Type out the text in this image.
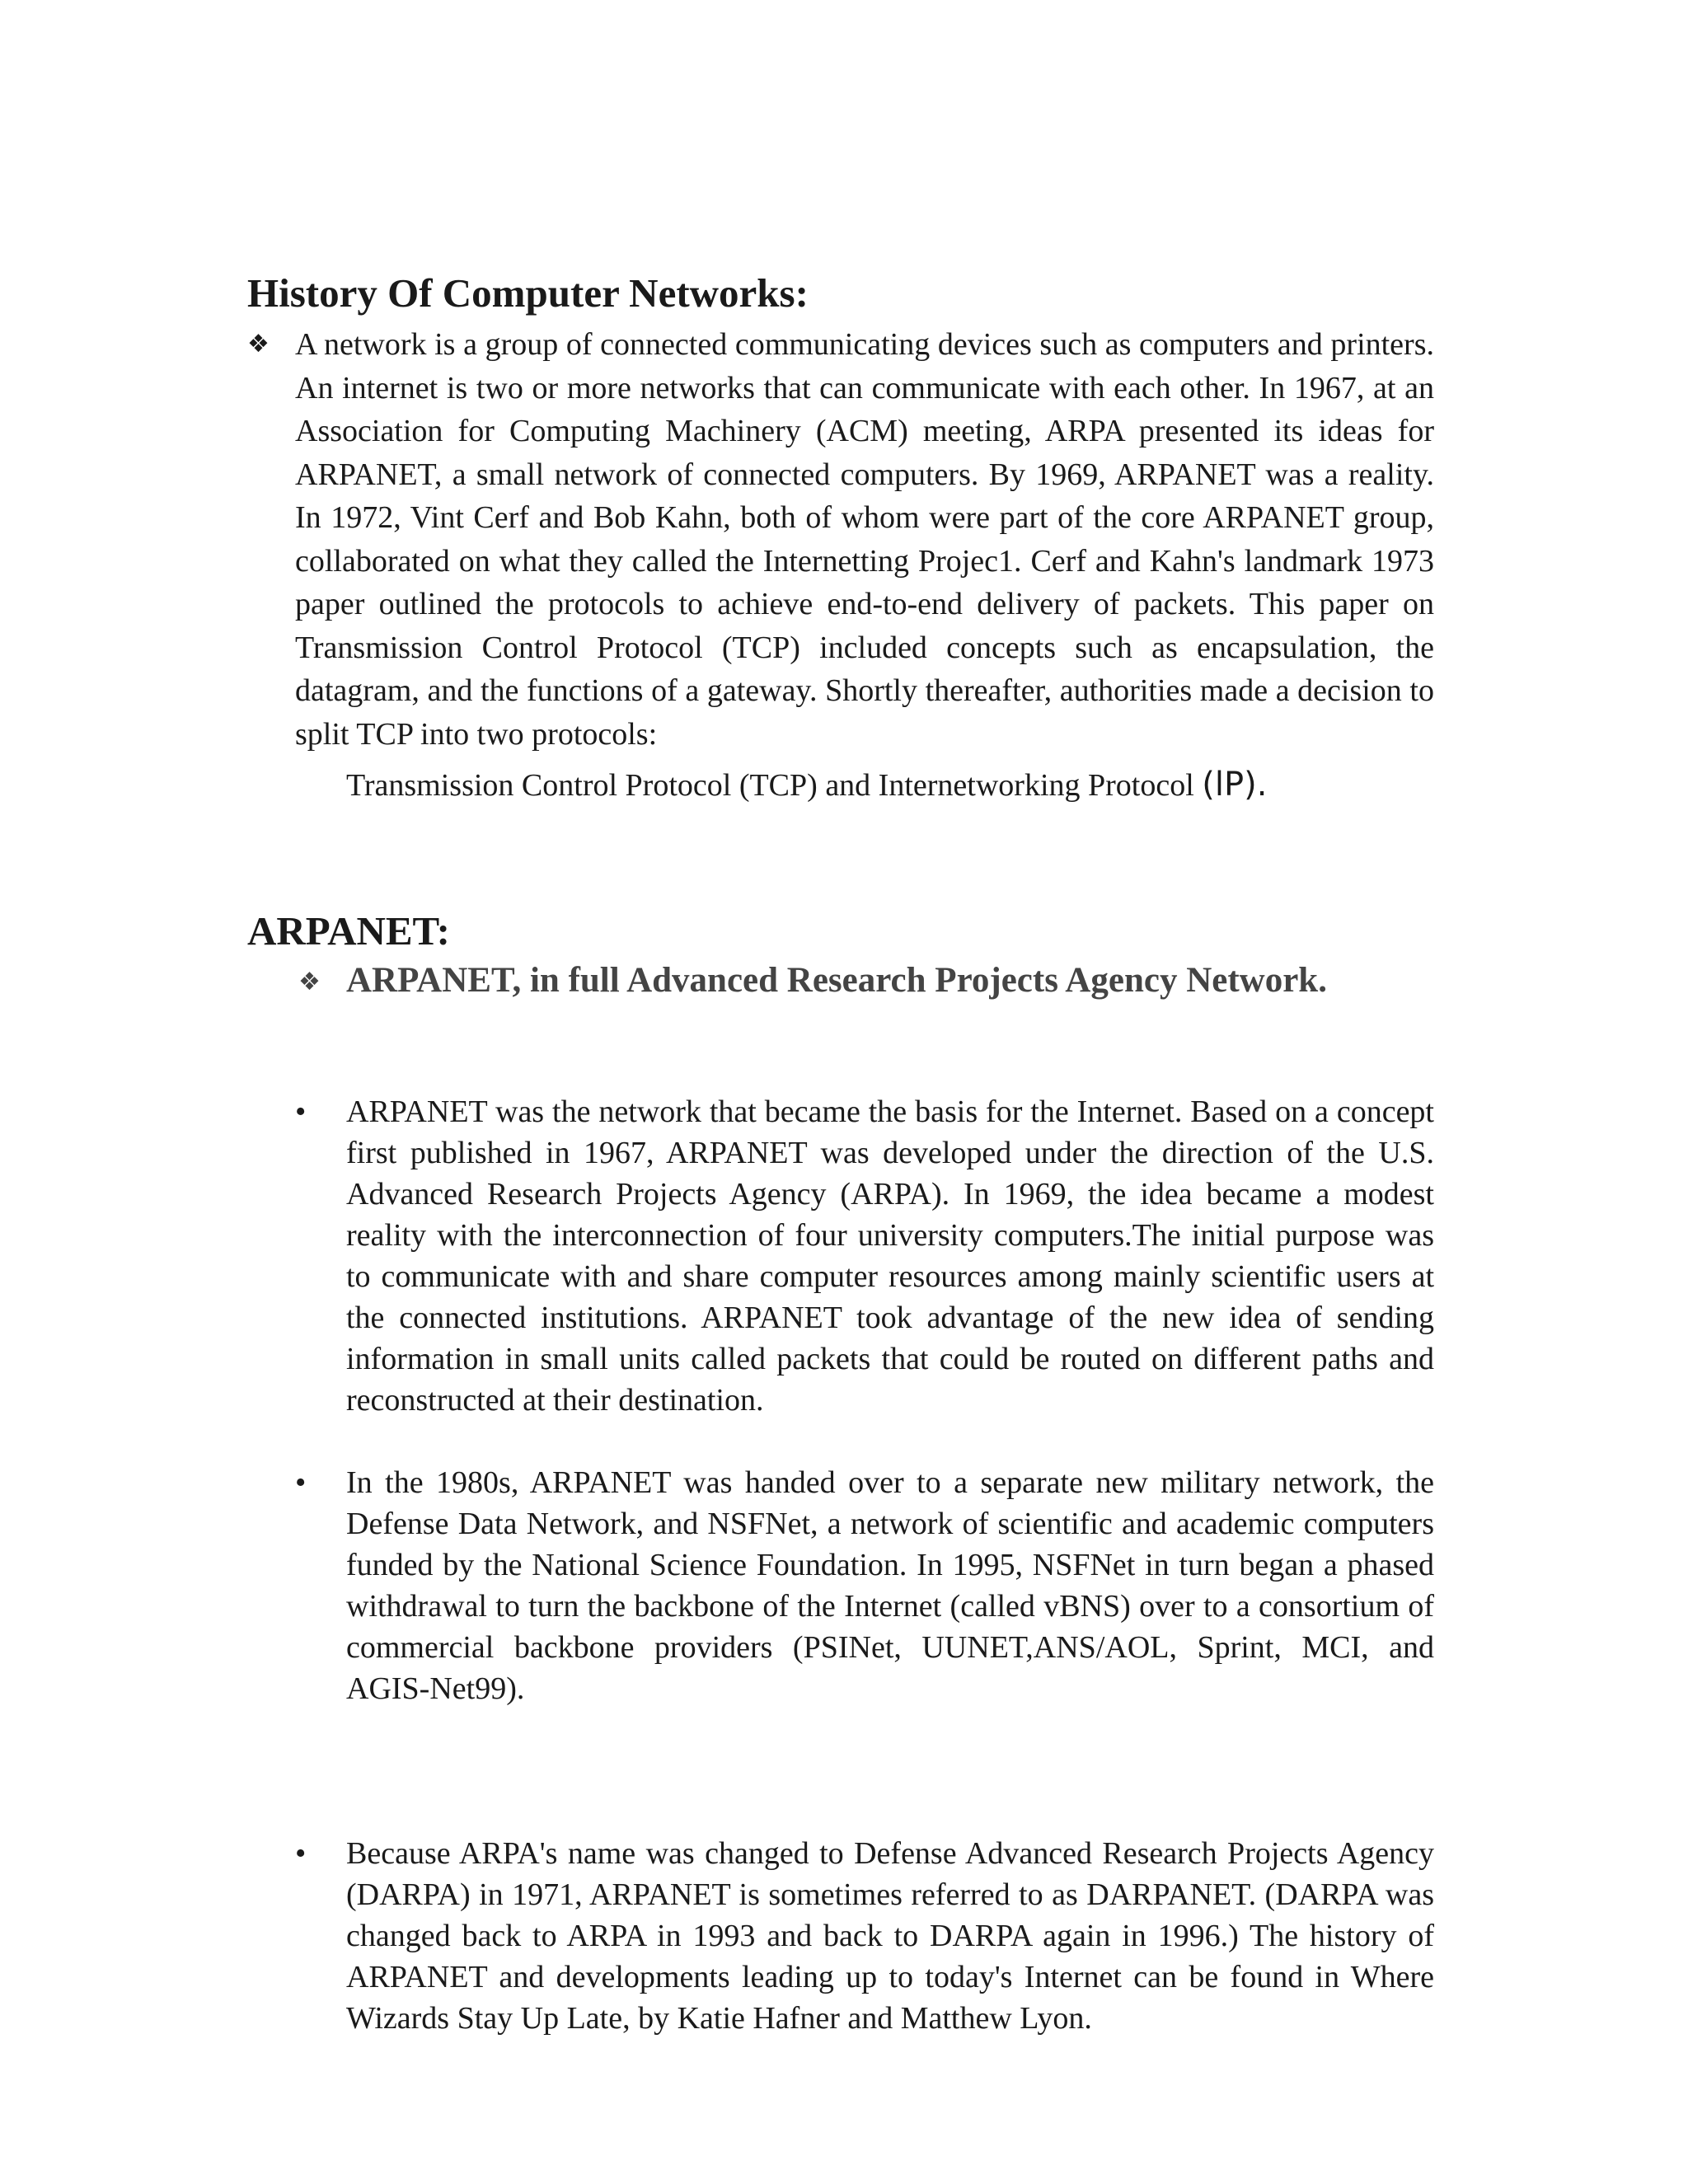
History Of Computer Networks:
❖ A network is a group of connected communicating devices such as computers and printers. An internet is two or more networks that can communicate with each other. In 1967, at an Association for Computing Machinery (ACM) meeting, ARPA presented its ideas for ARPANET, a small network of connected computers. By 1969, ARPANET was a reality. In 1972, Vint Cerf and Bob Kahn, both of whom were part of the core ARPANET group, collaborated on what they called the Internetting Projec1. Cerf and Kahn's landmark 1973 paper outlined the protocols to achieve end-to-end delivery of packets. This paper on Transmission Control Protocol (TCP) included concepts such as encapsulation, the datagram, and the functions of a gateway. Shortly thereafter, authorities made a decision to split TCP into two protocols:

Transmission Control Protocol (TCP) and Internetworking Protocol (lP).
ARPANET:
❖ ARPANET, in full Advanced Research Projects Agency Network.
• ARPANET was the network that became the basis for the Internet. Based on a concept first published in 1967, ARPANET was developed under the direction of the U.S. Advanced Research Projects Agency (ARPA). In 1969, the idea became a modest reality with the interconnection of four university computers.The initial purpose was to communicate with and share computer resources among mainly scientific users at the connected institutions. ARPANET took advantage of the new idea of sending information in small units called packets that could be routed on different paths and reconstructed at their destination.

• In the 1980s, ARPANET was handed over to a separate new military network, the Defense Data Network, and NSFNet, a network of scientific and academic computers funded by the National Science Foundation. In 1995, NSFNet in turn began a phased withdrawal to turn the backbone of the Internet (called vBNS) over to a consortium of commercial backbone providers (PSINet, UUNET,ANS/AOL, Sprint, MCI, and AGIS-Net99).

• Because ARPA's name was changed to Defense Advanced Research Projects Agency (DARPA) in 1971, ARPANET is sometimes referred to as DARPANET. (DARPA was changed back to ARPA in 1993 and back to DARPA again in 1996.) The history of ARPANET and developments leading up to today's Internet can be found in Where Wizards Stay Up Late, by Katie Hafner and Matthew Lyon.
